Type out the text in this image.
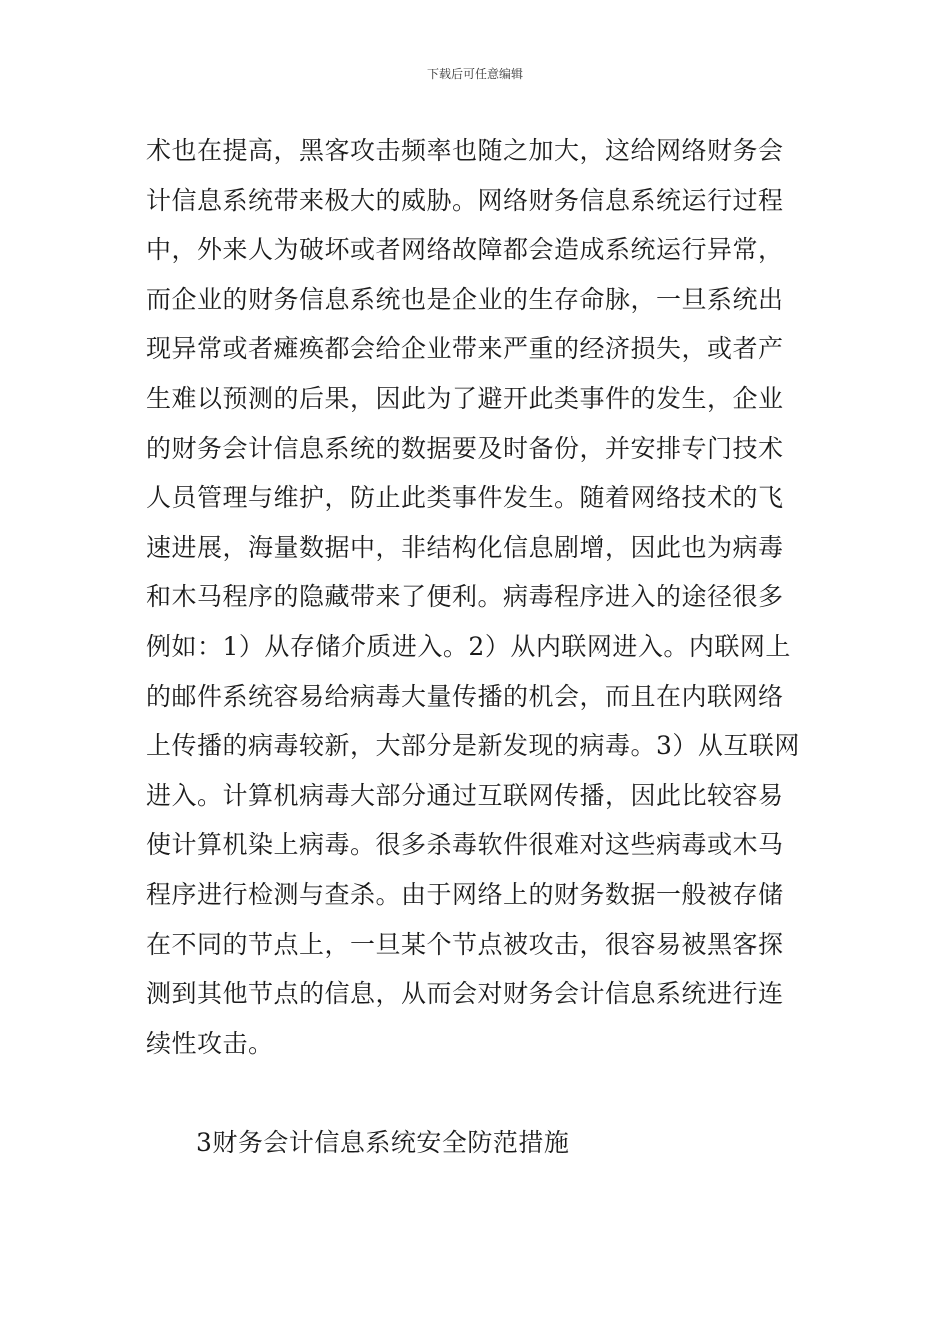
下载后可任意编辑
术也在提高，黑客攻击频率也随之加大，这给网络财务会
计信息系统带来极大的威胁。网络财务信息系统运行过程
中，外来人为破坏或者网络故障都会造成系统运行异常，
而企业的财务信息系统也是企业的生存命脉，一旦系统出
现异常或者瘫痪都会给企业带来严重的经济损失，或者产
生难以预测的后果，因此为了避开此类事件的发生，企业
的财务会计信息系统的数据要及时备份，并安排专门技术
人员管理与维护，防止此类事件发生。随着网络技术的飞
速进展，海量数据中，非结构化信息剧增，因此也为病毒
和木马程序的隐藏带来了便利。病毒程序进入的途径很多
例如：1）从存储介质进入。2）从内联网进入。内联网上
的邮件系统容易给病毒大量传播的机会，而且在内联网络
上传播的病毒较新，大部分是新发现的病毒。3）从互联网
进入。计算机病毒大部分通过互联网传播，因此比较容易
使计算机染上病毒。很多杀毒软件很难对这些病毒或木马
程序进行检测与查杀。由于网络上的财务数据一般被存储
在不同的节点上，一旦某个节点被攻击，很容易被黑客探
测到其他节点的信息，从而会对财务会计信息系统进行连
续性攻击。
3财务会计信息系统安全防范措施
